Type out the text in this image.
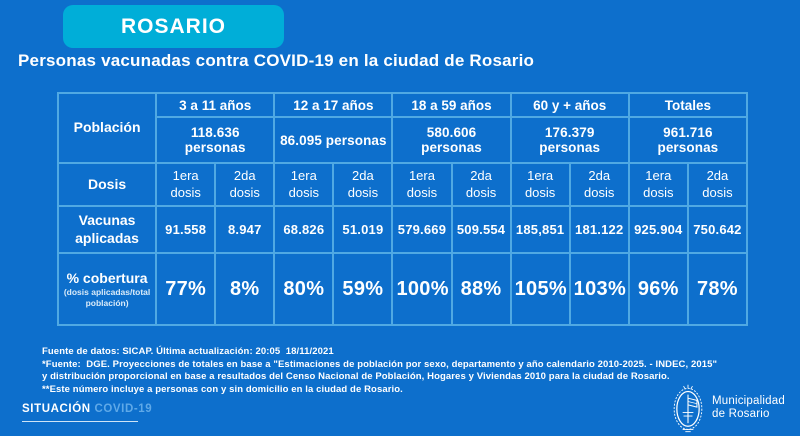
ROSARIO
Personas vacunadas contra COVID-19 en la ciudad de Rosario
Población	3 a 11 años		12 a 17 años		18 a 59 años		60 y + años		Totales	
	118.636 personas		86.095 personas		580.606 personas		176.379 personas		961.716 personas	
Dosis	1era dosis	2da dosis	1era dosis	2da dosis	1era dosis	2da dosis	1era dosis	2da dosis	1era dosis	2da dosis
Vacunas aplicadas	91.558	8.947	68.826	51.019	579.669	509.554	185,851	181.122	925.904	750.642

% cobertura
(dosis aplicadas/total población)	77%	8%	80%	59%	100%	88%	105%	103%	96%	78%
Fuente de datos: SICAP. Última actualización: 20:05  18/11/2021
*Fuente:  DGE. Proyecciones de totales en base a "Estimaciones de población por sexo, departamento y año calendario 2010-2025. - INDEC, 2015"
y distribución proporcional en base a resultados del Censo Nacional de Población, Hogares y Viviendas 2010 para la ciudad de Rosario.
**Este número incluye a personas con y sin domicilio en la ciudad de Rosario.
SITUACIÓN COVID-19
Municipalidad
de Rosario
